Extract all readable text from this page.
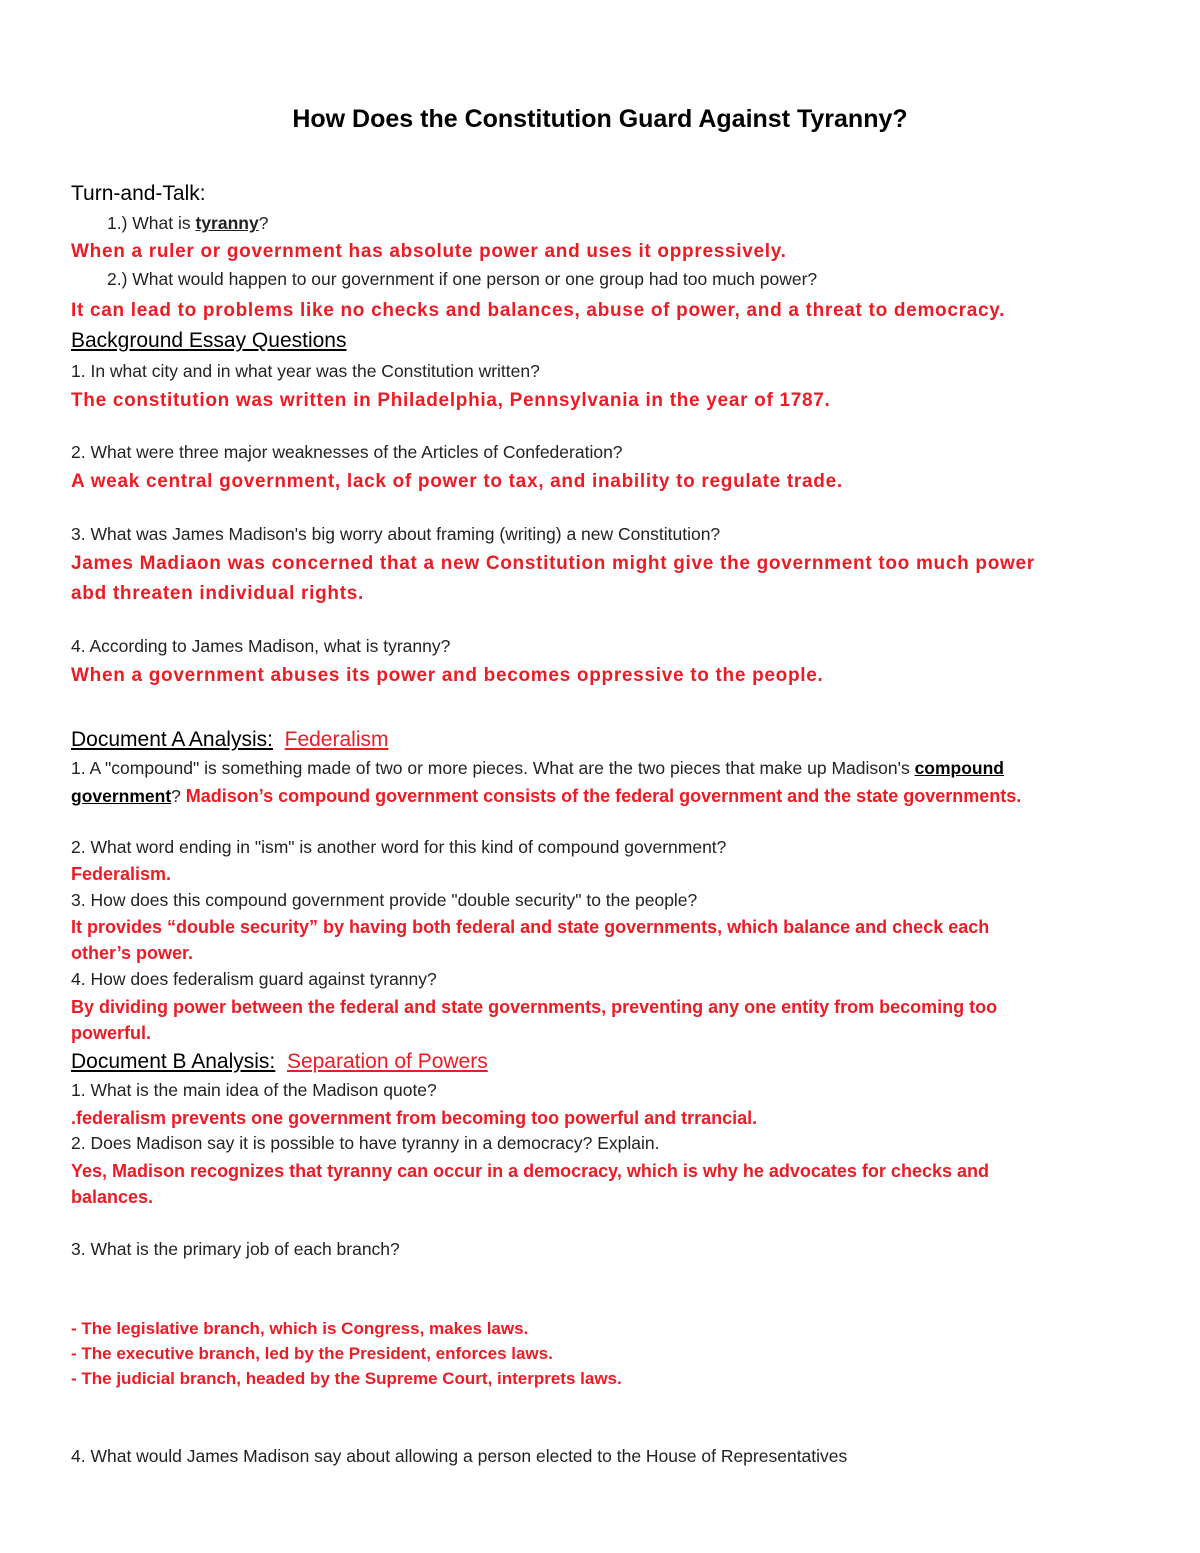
How Does the Constitution Guard Against Tyranny?
Turn-and-Talk:
1.) What is tyranny?
When a ruler or government has absolute power and uses it oppressively.
2.) What would happen to our government if one person or one group had too much power?
It can lead to problems like no checks and balances, abuse of power, and a threat to democracy.
Background Essay Questions
1. In what city and in what year was the Constitution written?
The constitution was written in Philadelphia, Pennsylvania in the year of 1787.
2. What were three major weaknesses of the Articles of Confederation?
A weak central government, lack of power to tax, and inability to regulate trade.
3. What was James Madison's big worry about framing (writing) a new Constitution?
James Madiaon was concerned that a new Constitution might give the government too much power
abd threaten individual rights.
4. According to James Madison, what is tyranny?
When a government abuses its power and becomes oppressive to the people.
Document A Analysis: Federalism
1. A "compound" is something made of two or more pieces. What are the two pieces that make up Madison's compound
government? Madison’s compound government consists of the federal government and the state governments.
2. What word ending in "ism" is another word for this kind of compound government?
Federalism.
3. How does this compound government provide "double security" to the people?
It provides “double security” by having both federal and state governments, which balance and check each
other’s power.
4. How does federalism guard against tyranny?
By dividing power between the federal and state governments, preventing any one entity from becoming too
powerful.
Document B Analysis: Separation of Powers
1. What is the main idea of the Madison quote?
.federalism prevents one government from becoming too powerful and trrancial.
2. Does Madison say it is possible to have tyranny in a democracy? Explain.
Yes, Madison recognizes that tyranny can occur in a democracy, which is why he advocates for checks and
balances.
3. What is the primary job of each branch?
- The legislative branch, which is Congress, makes laws.
- The executive branch, led by the President, enforces laws.
- The judicial branch, headed by the Supreme Court, interprets laws.
4. What would James Madison say about allowing a person elected to the House of Representatives
